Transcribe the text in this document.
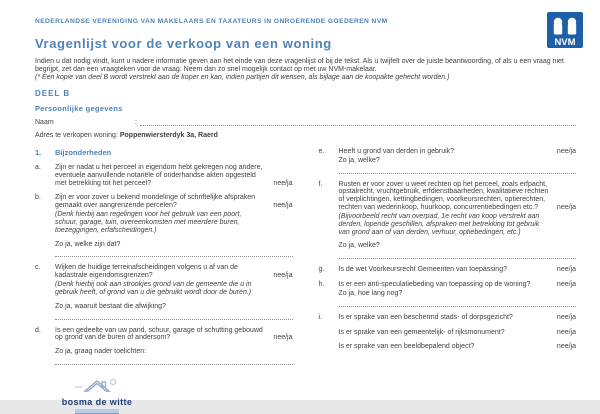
NEDERLANDSE VERENIGING VAN MAKELAARS EN TAXATEURS IN ONROERENDE GOEDEREN NVM
NVM
Vragenlijst voor de verkoop van een woning
Indien u dat nodig vindt, kunt u nadere informatie geven aan het einde van deze vragenlijst of bij de tekst. Als u twijfelt over de juiste beantwoording, of als u een vraag niet begrijpt, zet dan een vraagteken voor de vraag. Neem dan zo snel mogelijk contact op met uw NVM-makelaar.
(* Een kopie van deel B wordt verstrekt aan de koper en kan, indien partijen dit wensen, als bijlage aan de koopakte gehecht worden.)
DEEL B
Persoonlijke gegevens
Naam	:
Adres te verkopen woning: Poppenwiersterdyk 3a, Raerd
1.	Bijzonderheden
a.	Zijn er nadat u het perceel in eigendom hebt gekregen nog andere, eventuele aanvullende notariële of onderhandse akten opgesteld met betrekking tot het perceel?	nee/ja
b.	Zijn er voor zover u bekend mondelinge of schriftelijke afspraken gemaakt over aangrenzende percelen?	nee/ja
(Denk hierbij aan regelingen voor het gebruik van een poort, schuur, garage, tuin, overeenkomsten met meerdere buren, toezeggingen, erfafscheidingen.)
Zo ja, welke zijn dat?
c.	Wijken de huidige terreinafscheidingen volgens u af van de kadastrale eigendomsgrenzen?	nee/ja
(Denk hierbij ook aan strookjes grond van de gemeente die u in gebruik heeft, of grond van u die gebruikt wordt door de buren.)
Zo ja, waaruit bestaat die afwijking?
d.	Is een gedeelte van uw pand, schuur, garage of schutting gebouwd op grond van de buren of andersom?	nee/ja
Zo ja, graag nader toelichten:
bosma de witte
e.	Heeft u grond van derden in gebruik?	nee/ja
Zo ja, welke?
f.	Rusten er voor zover u weet rechten op het perceel, zoals erfpacht, opstalrecht, vruchtgebruik, erfdienstbaarheden, kwalitatieve rechten of verplichtingen, kettingbedingen, voorkeursrechten, optierechten, rechten van wederinkoop, huurkoop, concurrentiebedingen etc.?	nee/ja
(Bijvoorbeeld recht van overpad, 1e recht van koop verstrekt aan derden, lopende geschillen, afspraken met betrekking tot gebruik van grond aan of van derden, verhuur, optiebedingen, etc.)
Zo ja, welke?
g.	Is de wet Voorkeursrecht Gemeenten van toepassing?	nee/ja
h.	Is er een anti-speculatiebeding van toepassing op de woning?	nee/ja
Zo ja, hoe lang nog?
i.	Is er sprake van een beschermd stads- of dorpsgezicht?	nee/ja
Is er sprake van een gemeentelijk- of rijksmonument?	nee/ja
Is er sprake van een beeldbepalend object?	nee/ja
